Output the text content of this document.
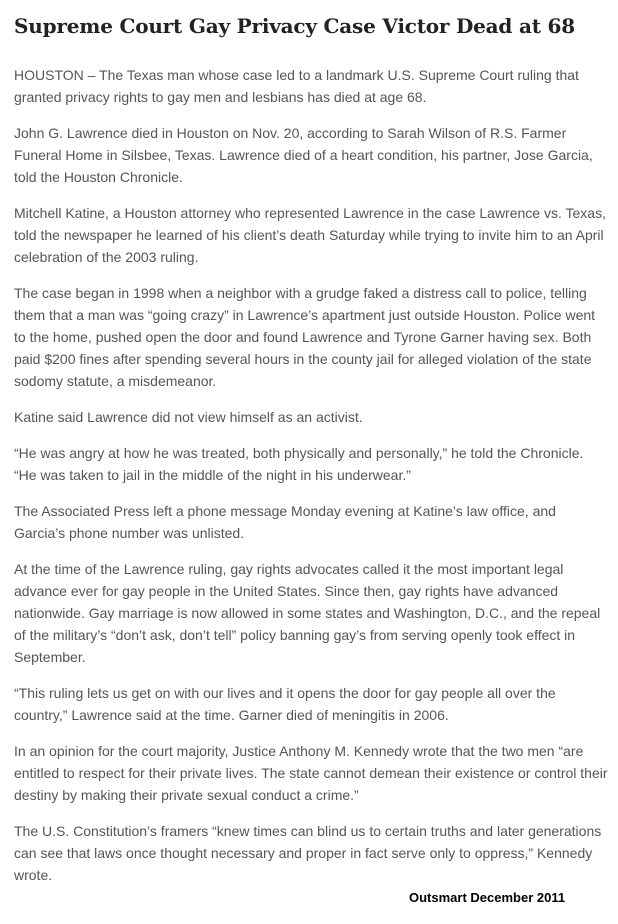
Supreme Court Gay Privacy Case Victor Dead at 68

HOUSTON – The Texas man whose case led to a landmark U.S. Supreme Court ruling that granted privacy rights to gay men and lesbians has died at age 68.

John G. Lawrence died in Houston on Nov. 20, according to Sarah Wilson of R.S. Farmer Funeral Home in Silsbee, Texas. Lawrence died of a heart condition, his partner, Jose Garcia, told the Houston Chronicle.

Mitchell Katine, a Houston attorney who represented Lawrence in the case Lawrence vs. Texas, told the newspaper he learned of his client’s death Saturday while trying to invite him to an April celebration of the 2003 ruling.

The case began in 1998 when a neighbor with a grudge faked a distress call to police, telling them that a man was “going crazy” in Lawrence’s apartment just outside Houston. Police went to the home, pushed open the door and found Lawrence and Tyrone Garner having sex. Both paid $200 fines after spending several hours in the county jail for alleged violation of the state sodomy statute, a misdemeanor.

Katine said Lawrence did not view himself as an activist.

“He was angry at how he was treated, both physically and personally,” he told the Chronicle. “He was taken to jail in the middle of the night in his underwear.”

The Associated Press left a phone message Monday evening at Katine’s law office, and Garcia’s phone number was unlisted.

At the time of the Lawrence ruling, gay rights advocates called it the most important legal advance ever for gay people in the United States. Since then, gay rights have advanced nationwide. Gay marriage is now allowed in some states and Washington, D.C., and the repeal of the military’s “don’t ask, don’t tell” policy banning gay’s from serving openly took effect in September.

“This ruling lets us get on with our lives and it opens the door for gay people all over the country,” Lawrence said at the time. Garner died of meningitis in 2006.

In an opinion for the court majority, Justice Anthony M. Kennedy wrote that the two men “are entitled to respect for their private lives. The state cannot demean their existence or control their destiny by making their private sexual conduct a crime.”

The U.S. Constitution’s framers “knew times can blind us to certain truths and later generations can see that laws once thought necessary and proper in fact serve only to oppress,” Kennedy wrote.

Outsmart December 2011
